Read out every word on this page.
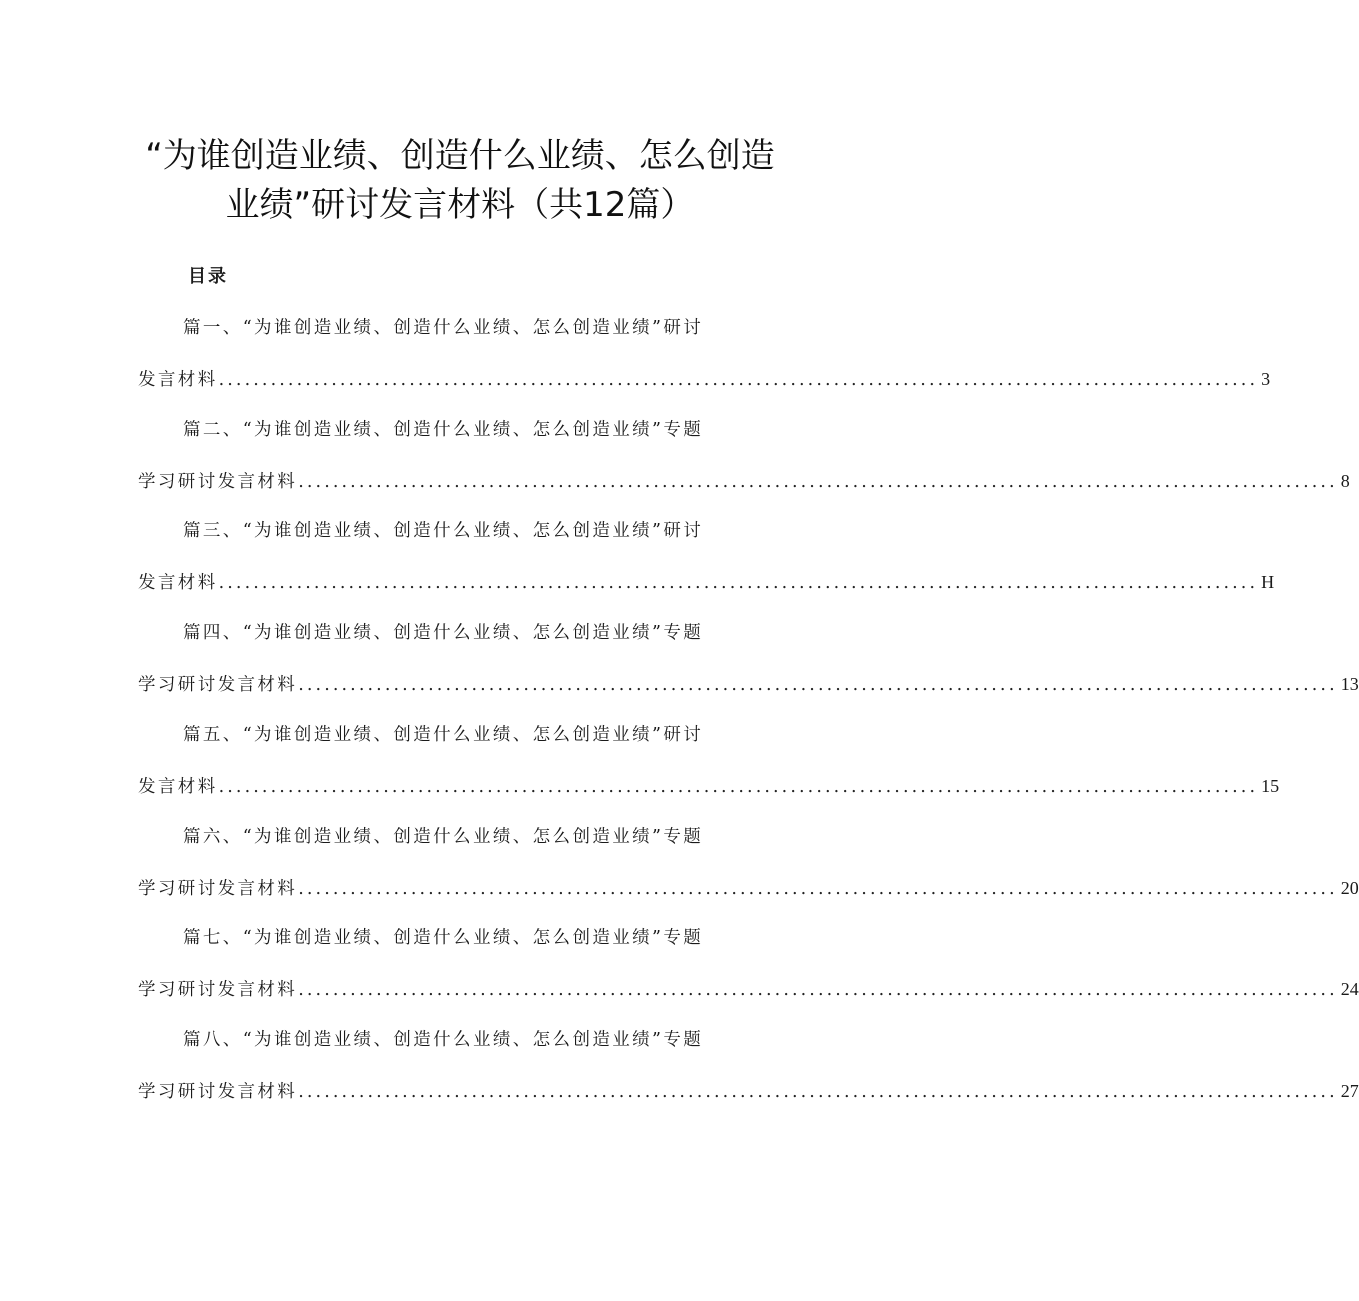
“为谁创造业绩、创造什么业绩、怎么创造
业绩”研讨发言材料（共12篇）
目录
篇一、“为谁创造业绩、创造什么业绩、怎么创造业绩”研讨
发言材料 ........................................................................................................................ 3
篇二、“为谁创造业绩、创造什么业绩、怎么创造业绩”专题
学习研讨发言材料 ........................................................................................................................ 8
篇三、“为谁创造业绩、创造什么业绩、怎么创造业绩”研讨
发言材料 ........................................................................................................................ H
篇四、“为谁创造业绩、创造什么业绩、怎么创造业绩”专题
学习研讨发言材料 ........................................................................................................................ 13
篇五、“为谁创造业绩、创造什么业绩、怎么创造业绩”研讨
发言材料 ........................................................................................................................ 15
篇六、“为谁创造业绩、创造什么业绩、怎么创造业绩”专题
学习研讨发言材料 ........................................................................................................................ 20
篇七、“为谁创造业绩、创造什么业绩、怎么创造业绩”专题
学习研讨发言材料 ........................................................................................................................ 24
篇八、“为谁创造业绩、创造什么业绩、怎么创造业绩”专题
学习研讨发言材料 ........................................................................................................................ 27
